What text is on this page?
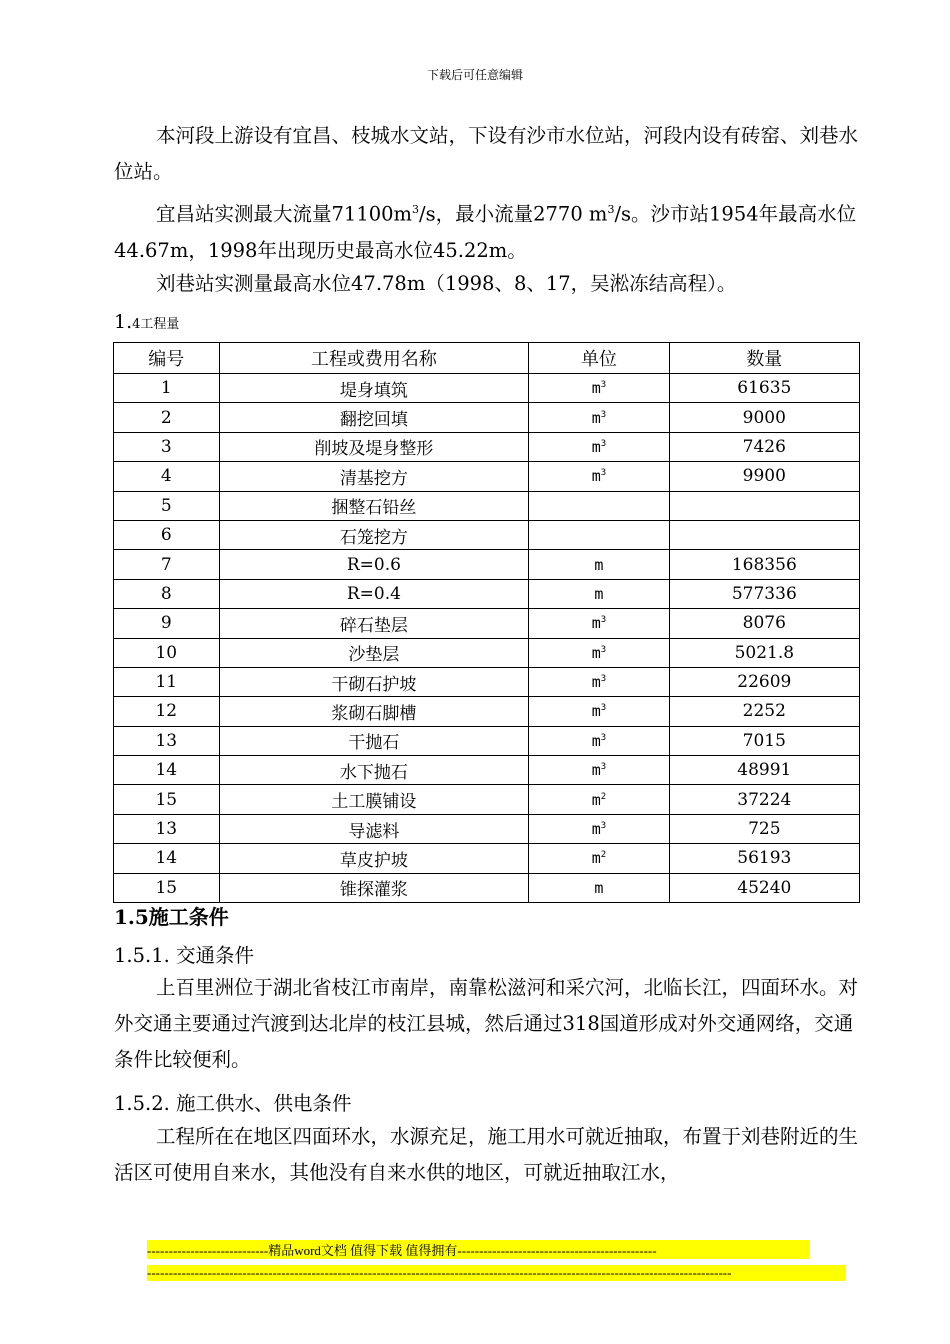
下载后可任意编辑
本河段上游设有宜昌、枝城水文站，下设有沙市水位站，河段内设有砖窑、刘巷水位站。
宜昌站实测最大流量$71100m^3/s$，最小流量2770 $m^3/s$。沙市站1954年最高水位44.67m，1998年出现历史最高水位45.22m。
刘巷站实测量最高水位47.78m（1998、8、17，吴淞冻结高程）。
1.4工程量
编号	工程或费用名称	单位	数量
1	堤身填筑	$m^3$	61635
2	翻挖回填	$m^3$	9000
3	削坡及堤身整形	$m^3$	7426
4	清基挖方	$m^3$	9900
5	捆整石铅丝		
6	石笼挖方		
7	R=0.6	m	168356
8	R=0.4	m	577336
9	碎石垫层	$m^3$	8076
10	沙垫层	$m^3$	5021.8
11	干砌石护坡	$m^3$	22609
12	浆砌石脚槽	$m^3$	2252
13	干抛石	$m^3$	7015
14	水下抛石	$m^3$	48991
15	土工膜铺设	$m^2$	37224
13	导滤料	$m^3$	725
14	草皮护坡	$m^2$	56193
15	锥探灌浆	m	45240
1.5施工条件
1.5.1. 交通条件
上百里洲位于湖北省枝江市南岸，南靠松滋河和采穴河，北临长江，四面环水。对外交通主要通过汽渡到达北岸的枝江县城，然后通过318国道形成对外交通网络，交通条件比较便利。
1.5.2. 施工供水、供电条件
工程所在在地区四面环水，水源充足，施工用水可就近抽取，布置于刘巷附近的生活区可使用自来水，其他没有自来水供的地区，可就近抽取江水，
----------------------------精品word文档 值得下载 值得拥有----------------------------------------------
---------------------------------------------------------------------------------------------------------------------------------------
